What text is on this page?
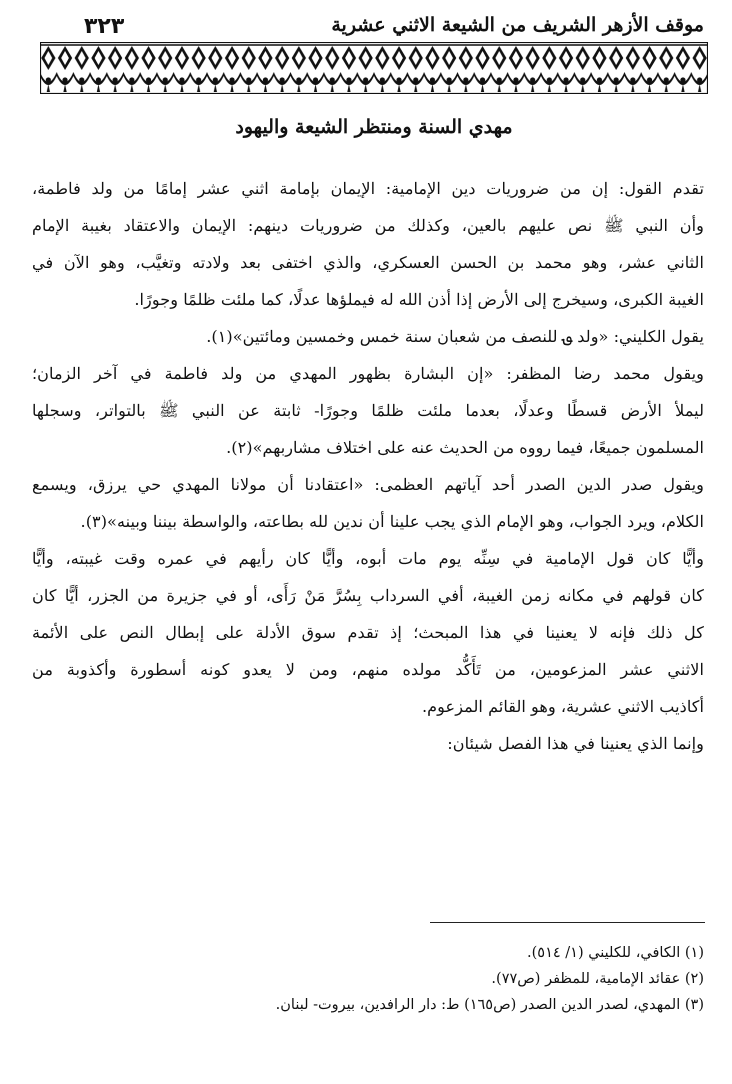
٣٢٣	موقف الأزهر الشريف من الشيعة الاثني عشرية
مهدي السنة ومنتظر الشيعة واليهود
تقدم القول: إن من ضروريات دين الإمامية: الإيمان بإمامة اثني عشر إمامًا من ولد فاطمة،
وأن النبي ﷺ نص عليهم بالعين، وكذلك من ضروريات دينهم: الإيمان والاعتقاد بغيبة الإمام
الثاني عشر، وهو محمد بن الحسن العسكري، والذي اختفى بعد ولادته وتغيَّب، وهو الآن في
الغيبة الكبرى، وسيخرج إلى الأرض إذا أذن الله له فيملؤها عدلًا، كما ملئت ظلمًا وجورًا.
يقول الكليني: «ولد ؈ للنصف من شعبان سنة خمس وخمسين ومائتين»(١).
ويقول محمد رضا المظفر: «إن البشارة بظهور المهدي من ولد فاطمة في آخر الزمان؛
ليملأ الأرض قسطًا وعدلًا، بعدما ملئت ظلمًا وجورًا- ثابتة عن النبي ﷺ بالتواتر، وسجلها
المسلمون جميعًا، فيما رووه من الحديث عنه على اختلاف مشاربهم»(٢).
ويقول صدر الدين الصدر أحد آياتهم العظمى: «اعتقادنا أن مولانا المهدي حي يرزق، ويسمع
الكلام، ويرد الجواب، وهو الإمام الذي يجب علينا أن ندين لله بطاعته، والواسطة بيننا وبينه»(٣).
وأيًّا كان قول الإمامية في سِنِّه يوم مات أبوه، وأيًّا كان رأيهم في عمره وقت غيبته، وأيًّا
كان قولهم في مكانه زمن الغيبة، أفي السرداب بِسُرَّ مَنْ رَأَى، أو في جزيرة من الجزر، أيًّا كان
كل ذلك فإنه لا يعنينا في هذا المبحث؛ إذ تقدم سوق الأدلة على إبطال النص على الأئمة
الاثني عشر المزعومين، من تَأَكُّد مولده منهم، ومن لا يعدو كونه أسطورة وأكذوبة من
أكاذيب الاثني عشرية، وهو القائم المزعوم.
وإنما الذي يعنينا في هذا الفصل شيئان:
(١) الكافي، للكليني (١/ ٥١٤).
(٢) عقائد الإمامية، للمظفر (ص٧٧).
(٣) المهدي، لصدر الدين الصدر (ص١٦٥) ط: دار الرافدين، بيروت- لبنان.
